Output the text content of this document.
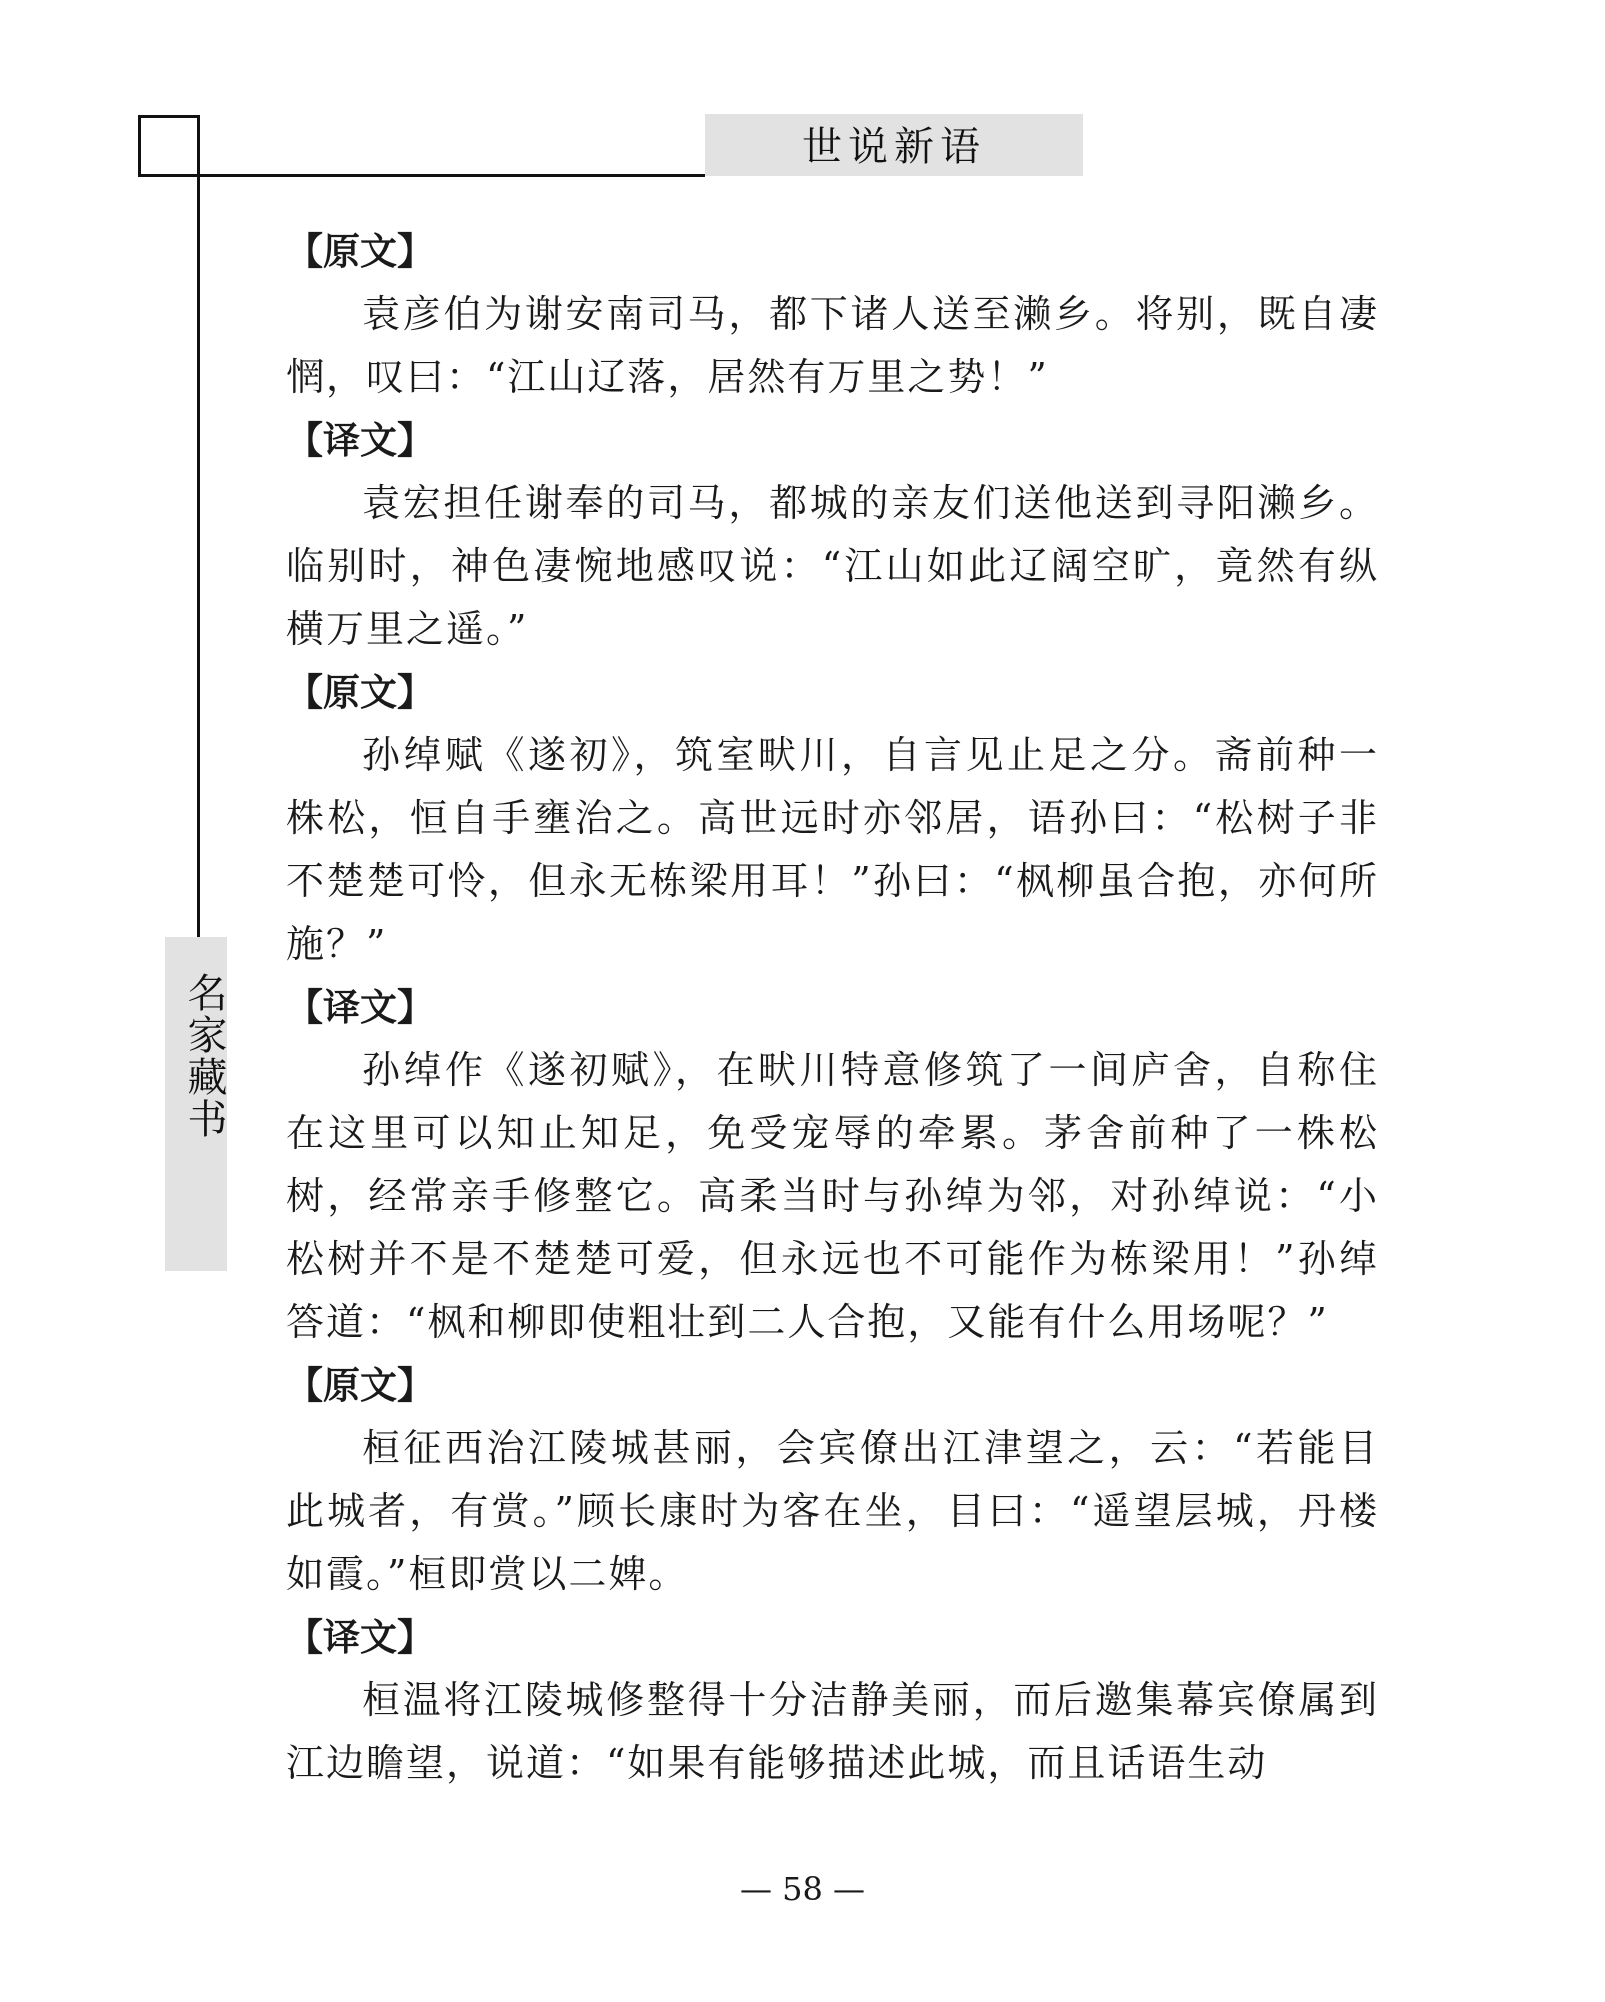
世说新语
名家藏书

【原文】

袁彦伯为谢安南司马，都下诸人送至濑乡。将别，既自凄惘，叹曰：“江山辽落，居然有万里之势！”

【译文】

袁宏担任谢奉的司马，都城的亲友们送他送到寻阳濑乡。临别时，神色凄惋地感叹说：“江山如此辽阔空旷，竟然有纵横万里之遥。”

【原文】

孙绰赋《遂初》，筑室畎川，自言见止足之分。斋前种一株松，恒自手壅治之。高世远时亦邻居，语孙曰：“松树子非不楚楚可怜，但永无栋梁用耳！”孙曰：“枫柳虽合抱，亦何所施？”

【译文】

孙绰作《遂初赋》，在畎川特意修筑了一间庐舍，自称住在这里可以知止知足，免受宠辱的牵累。茅舍前种了一株松树，经常亲手修整它。高柔当时与孙绰为邻，对孙绰说：“小松树并不是不楚楚可爱，但永远也不可能作为栋梁用！”孙绰答道：“枫和柳即使粗壮到二人合抱，又能有什么用场呢？”

【原文】

桓征西治江陵城甚丽，会宾僚出江津望之，云：“若能目此城者，有赏。”顾长康时为客在坐，目曰：“遥望层城，丹楼如霞。”桓即赏以二婢。

【译文】

桓温将江陵城修整得十分洁静美丽，而后邀集幕宾僚属到江边瞻望，说道：“如果有能够描述此城，而且话语生动

— 58 —
